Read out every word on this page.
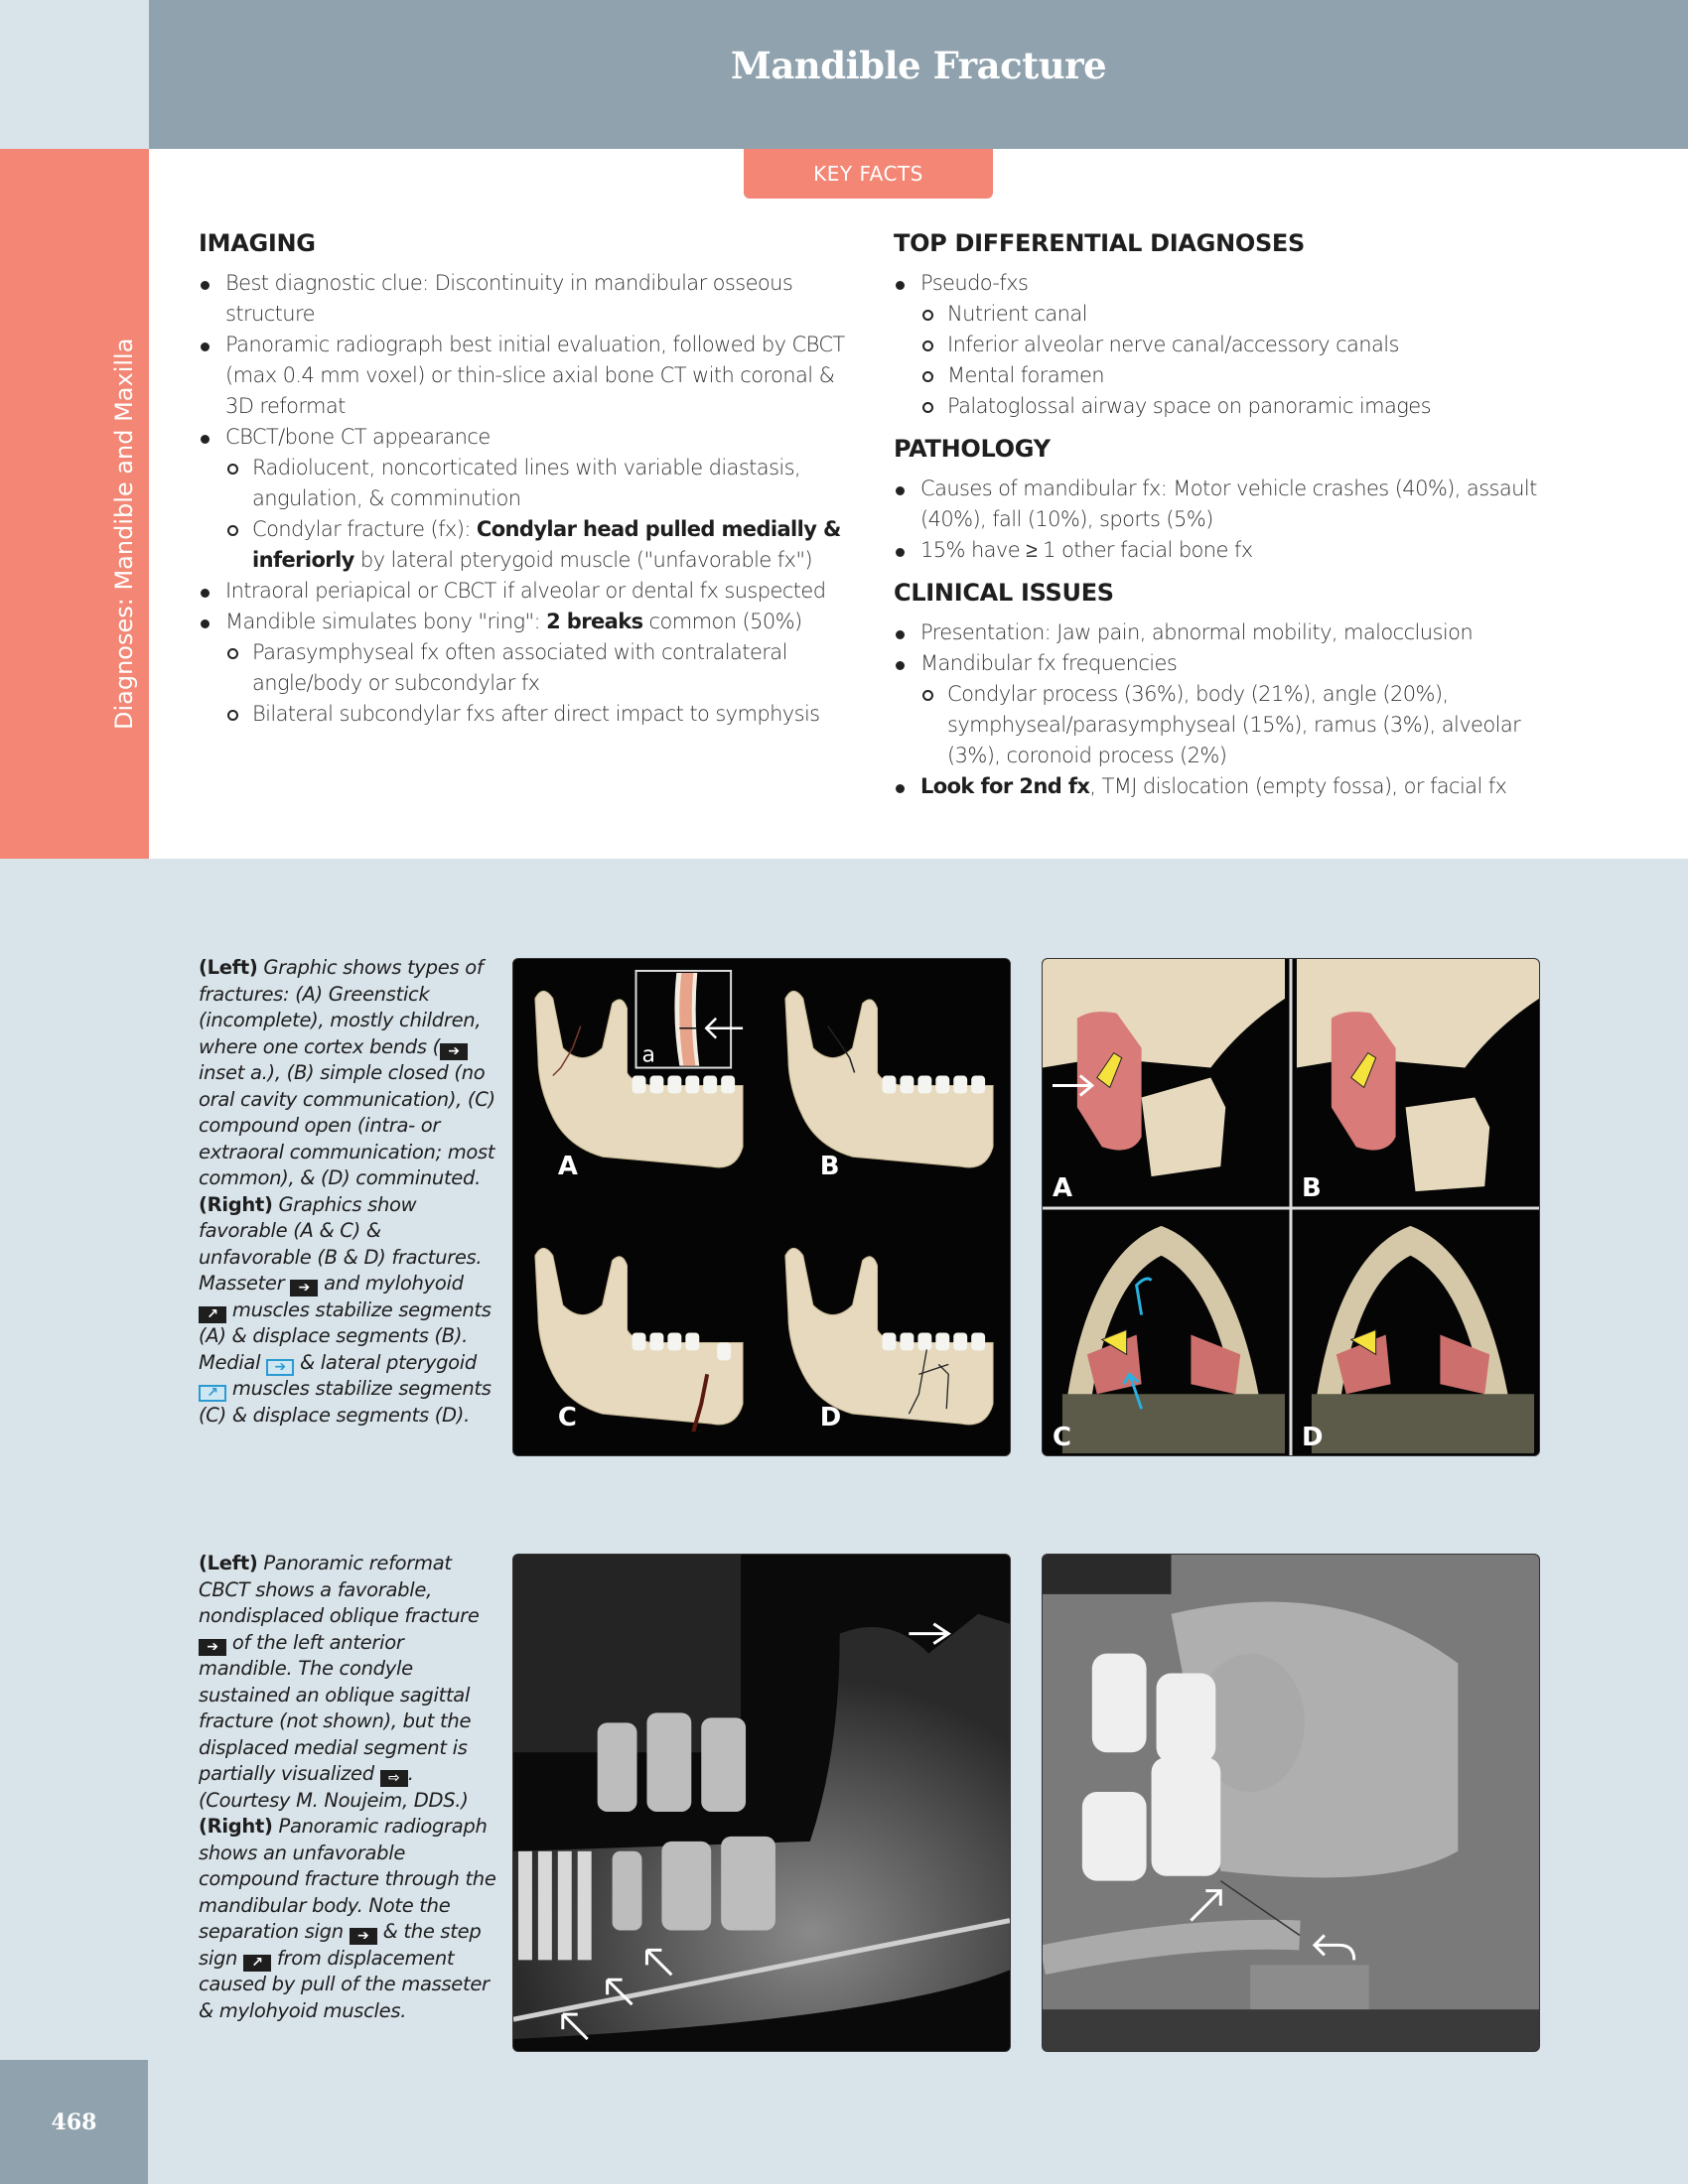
Mandible Fracture
Diagnoses: Mandible and Maxilla
KEY FACTS
IMAGING
Best diagnostic clue: Discontinuity in mandibular osseous structure
Panoramic radiograph best initial evaluation, followed by CBCT (max 0.4 mm voxel) or thin-slice axial bone CT with coronal & 3D reformat
CBCT/bone CT appearance
Radiolucent, noncorticated lines with variable diastasis, angulation, & comminution
Condylar fracture (fx): Condylar head pulled medially & inferiorly by lateral pterygoid muscle ("unfavorable fx")
Intraoral periapical or CBCT if alveolar or dental fx suspected
Mandible simulates bony "ring": 2 breaks common (50%)
Parasymphyseal fx often associated with contralateral angle/body or subcondylar fx
Bilateral subcondylar fxs after direct impact to symphysis
TOP DIFFERENTIAL DIAGNOSES
Pseudo-fxs
Nutrient canal
Inferior alveolar nerve canal/accessory canals
Mental foramen
Palatoglossal airway space on panoramic images
PATHOLOGY
Causes of mandibular fx: Motor vehicle crashes (40%), assault (40%), fall (10%), sports (5%)
15% have ≥ 1 other facial bone fx
CLINICAL ISSUES
Presentation: Jaw pain, abnormal mobility, malocclusion
Mandibular fx frequencies
Condylar process (36%), body (21%), angle (20%), symphyseal/parasymphyseal (15%), ramus (3%), alveolar (3%), coronoid process (2%)
Look for 2nd fx, TMJ dislocation (empty fossa), or facial fx
(Left) Graphic shows types of fractures: (A) Greenstick (incomplete), mostly children, where one cortex bends ( ➔ inset a.), (B) simple closed (no oral cavity communication), (C) compound open (intra- or extraoral communication; most common), & (D) comminuted. (Right) Graphics show favorable (A & C) & unfavorable (B & D) fractures. Masseter ➔ and mylohyoid ↗ muscles stabilize segments (A) & displace segments (B). Medial ➔ & lateral pterygoid ↗ muscles stabilize segments (C) & displace segments (D).
a
A	B
C	D
A	B
C	D
(Left) Panoramic reformat CBCT shows a favorable, nondisplaced oblique fracture ➔ of the left anterior mandible. The condyle sustained an oblique sagittal fracture (not shown), but the displaced medial segment is partially visualized ⇨ . (Courtesy M. Noujeim, DDS.) (Right) Panoramic radiograph shows an unfavorable compound fracture through the mandibular body. Note the separation sign ➔ & the step sign ↗ from displacement caused by pull of the masseter & mylohyoid muscles.
468
